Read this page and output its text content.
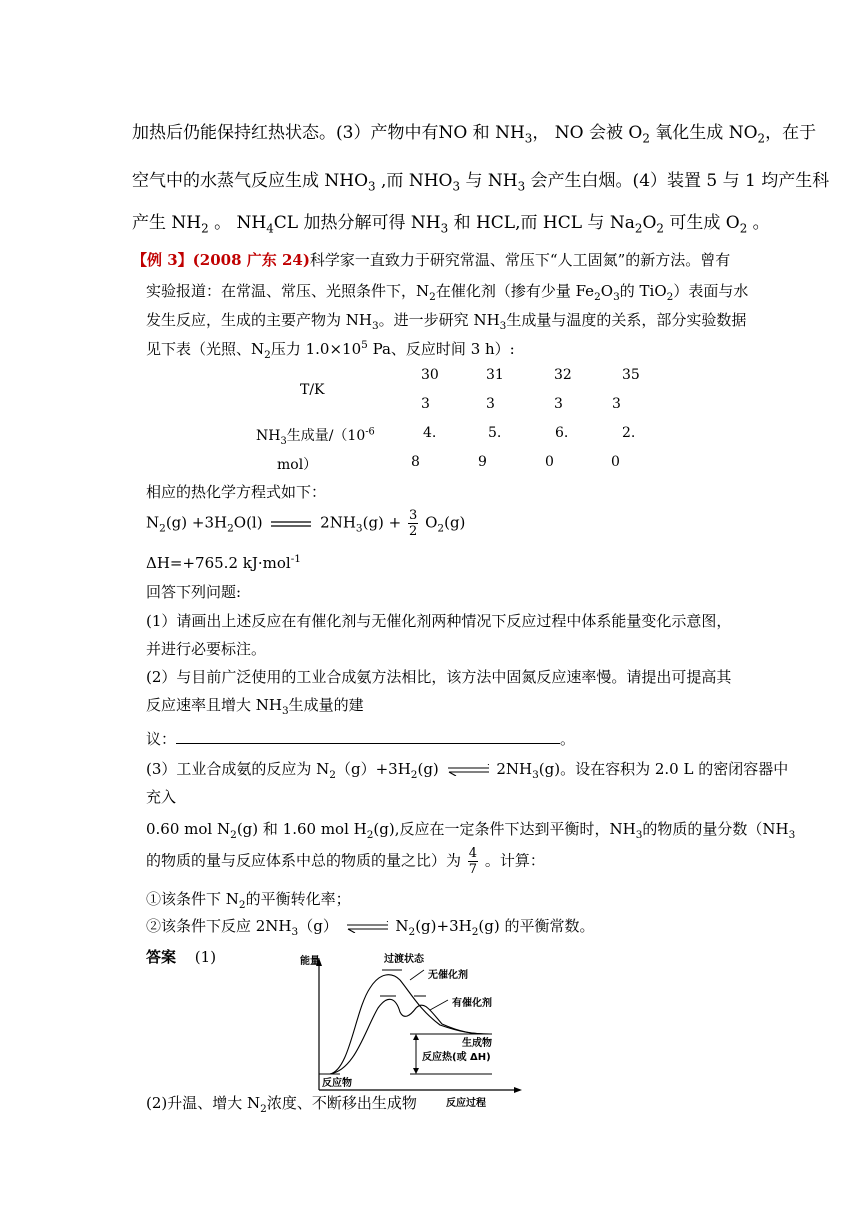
加热后仍能保持红热状态。(3）产物中有NO 和 $NH_3$， NO 会被 $O_2$ 氧化生成 $NO_2$，在于
空气中的水蒸气反应生成 $NHO_3$ ,而 $NHO_3$ 与 $NH_3$ 会产生白烟。(4）装置 5 与 1 均产生科
产生 $NH_2$ 。 $NH_4CL$ 加热分解可得 $NH_3$ 和 HCL,而 HCL 与 $Na_2O_2$ 可生成 $O_2$ 。
【例 3】(2008 广东 24)科学家一直致力于研究常温、常压下“人工固氮”的新方法。曾有
实验报道：在常温、常压、光照条件下，$N_2$在催化剂（掺有少量 $Fe_2O_3$的 TiO$_2$）表面与水
发生反应，生成的主要产物为 $NH_3$。进一步研究 $NH_3$生成量与温度的关系，部分实验数据
见下表（光照、$N_2$压力 $1.0\times 10^5$ Pa、反应时间 3 h）:
T/K
30	31	32	35
3	3	3	3
$NH_3$生成量$/(10^{-6}$
mol）
4.	5.	6.	2.
8	9	0	0
相应的热化学方程式如下：
$N_2(g) +3H_2O(l)$	$2NH_3(g) + \frac{3}{2} O_2(g)$
ΔH=+765.2 kJ·mol$^{-1}$
回答下列问题:
(1）请画出上述反应在有催化剂与无催化剂两种情况下反应过程中体系能量变化示意图，
并进行必要标注。
(2）与目前广泛使用的工业合成氨方法相比，该方法中固氮反应速率慢。请提出可提高其
反应速率且增大 $NH_3$生成量的建
议：	。
(3）工业合成氨的反应为 $N_2(g)+3H_2(g)$ ⇌ $2NH_3(g)$。设在容积为 2.0 L 的密闭容器中
充入
0.60 mol $N_2(g)$ 和 1.60 mol $H_2(g)$,反应在一定条件下达到平衡时，$NH_3$的物质的量分数（$NH_3$
的物质的量与反应体系中总的物质的量之比）为 $\frac{4}{7}$ 。计算：
①该条件下 $N_2$的平衡转化率；
②该条件下反应 $2NH_3(g)$ ⇌ $N_2(g)+3H_2(g)$ 的平衡常数。
答案 (1)	能量	过渡状态
无催化剂
有催化剂
生成物
反应热(或 ΔH)
反应物
反应过程
(2)升温、增大 $N_2$浓度、不断移出生成物
